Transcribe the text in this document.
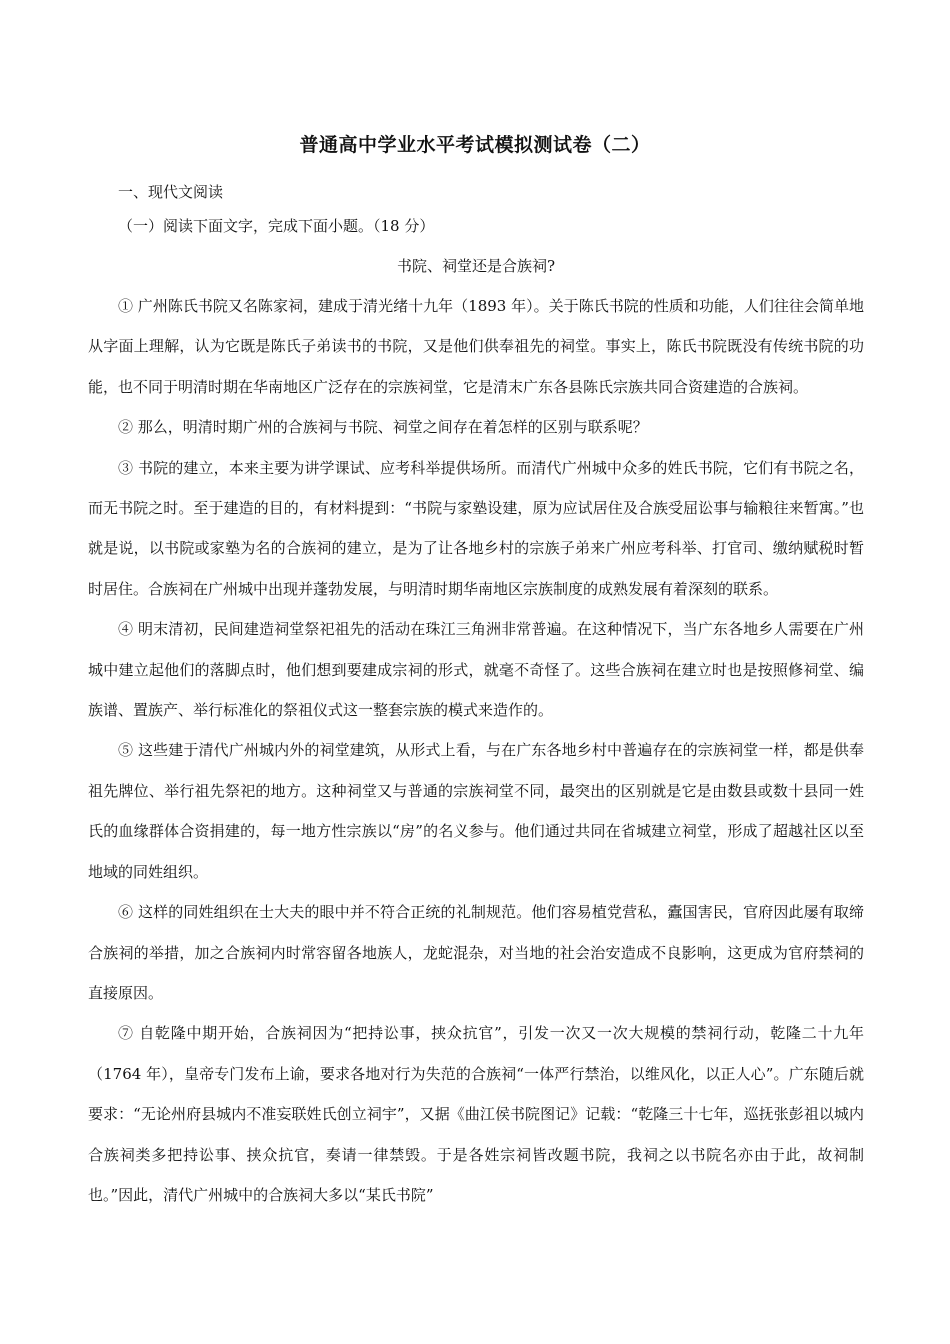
普通高中学业水平考试模拟测试卷（二）

一、现代文阅读

（一）阅读下面文字，完成下面小题。（18 分）

书院、祠堂还是合族祠?

① 广州陈氏书院又名陈家祠，建成于清光绪十九年（1893 年）。关于陈氏书院的性质和功能，人们往往会简单地从字面上理解，认为它既是陈氏子弟读书的书院，又是他们供奉祖先的祠堂。事实上，陈氏书院既没有传统书院的功能，也不同于明清时期在华南地区广泛存在的宗族祠堂，它是清末广东各县陈氏宗族共同合资建造的合族祠。

② 那么，明清时期广州的合族祠与书院、祠堂之间存在着怎样的区别与联系呢？

③ 书院的建立，本来主要为讲学课试、应考科举提供场所。而清代广州城中众多的姓氏书院，它们有书院之名，而无书院之时。至于建造的目的，有材料提到：“书院与家塾设建，原为应试居住及合族受屈讼事与输粮往来暂寓。”也就是说，以书院或家塾为名的合族祠的建立，是为了让各地乡村的宗族子弟来广州应考科举、打官司、缴纳赋税时暂时居住。合族祠在广州城中出现并蓬勃发展，与明清时期华南地区宗族制度的成熟发展有着深刻的联系。

④ 明末清初，民间建造祠堂祭祀祖先的活动在珠江三角洲非常普遍。在这种情况下，当广东各地乡人需要在广州城中建立起他们的落脚点时，他们想到要建成宗祠的形式，就毫不奇怪了。这些合族祠在建立时也是按照修祠堂、编族谱、置族产、举行标准化的祭祖仪式这一整套宗族的模式来造作的。

⑤ 这些建于清代广州城内外的祠堂建筑，从形式上看，与在广东各地乡村中普遍存在的宗族祠堂一样，都是供奉祖先牌位、举行祖先祭祀的地方。这种祠堂又与普通的宗族祠堂不同，最突出的区别就是它是由数县或数十县同一姓氏的血缘群体合资捐建的，每一地方性宗族以“房”的名义参与。他们通过共同在省城建立祠堂，形成了超越社区以至地域的同姓组织。

⑥ 这样的同姓组织在士大夫的眼中并不符合正统的礼制规范。他们容易植党营私，蠹国害民，官府因此屡有取缔合族祠的举措，加之合族祠内时常容留各地族人，龙蛇混杂，对当地的社会治安造成不良影响，这更成为官府禁祠的直接原因。

⑦ 自乾隆中期开始，合族祠因为“把持讼事，挟众抗官”，引发一次又一次大规模的禁祠行动，乾隆二十九年（1764 年），皇帝专门发布上谕，要求各地对行为失范的合族祠“一体严行禁治，以维风化，以正人心”。广东随后就要求：“无论州府县城内不准妄联姓氏创立祠宇”，又据《曲江侯书院图记》记载：“乾隆三十七年，巡抚张彭祖以城内合族祠类多把持讼事、挟众抗官，奏请一律禁毁。于是各姓宗祠皆改题书院，我祠之以书院名亦由于此，故祠制也。”因此，清代广州城中的合族祠大多以“某氏书院”
